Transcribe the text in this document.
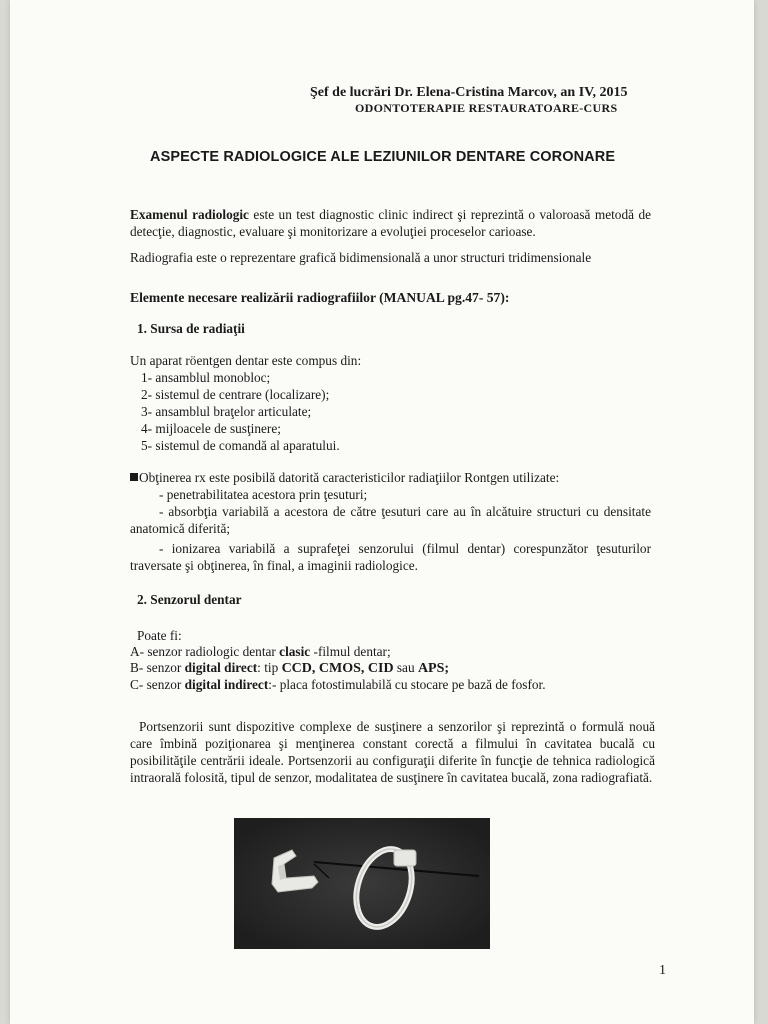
Şef de lucrări Dr. Elena-Cristina Marcov, an IV, 2015
ODONTOTERAPIE RESTAURATOARE-CURS
ASPECTE RADIOLOGICE ALE LEZIUNILOR DENTARE CORONARE
Examenul radiologic este un test diagnostic clinic indirect şi reprezintă o valoroasă metodă de detecţie, diagnostic, evaluare şi monitorizare a evoluţiei proceselor carioase.
Radiografia este o reprezentare grafică bidimensională a unor structuri tridimensionale
Elemente necesare realizării radiografiilor (MANUAL pg.47- 57):
1. Sursa de radiaţii
Un aparat röentgen dentar este compus din:
1- ansamblul monobloc;
2- sistemul de centrare (localizare);
3- ansamblul braţelor articulate;
4- mijloacele de susţinere;
5- sistemul de comandă al aparatului.
Obţinerea rx este posibilă datorită caracteristicilor radiaţiilor Rontgen utilizate:
- penetrabilitatea acestora prin ţesuturi;
- absorbţia variabilă a acestora de către ţesuturi care au în alcătuire structuri cu densitate anatomică diferită;
- ionizarea variabilă a suprafeţei senzorului (filmul dentar) corespunzător ţesuturilor traversate şi obţinerea, în final, a imaginii radiologice.
2. Senzorul dentar
Poate fi:
A- senzor radiologic dentar clasic -filmul dentar;
B- senzor digital direct: tip CCD, CMOS, CID sau APS;
C- senzor digital indirect:- placa fotostimulabilă cu stocare pe bază de fosfor.
Portsenzorii sunt dispozitive complexe de susţinere a senzorilor şi reprezintă o formulă nouă care îmbină poziţionarea şi menţinerea constant corectă a filmului în cavitatea bucală cu posibilităţile centrării ideale. Portsenzorii au configuraţii diferite în funcţie de tehnica radiologică intraorală folosită, tipul de senzor, modalitatea de susţinere în cavitatea bucală, zona radiografiată.
1
